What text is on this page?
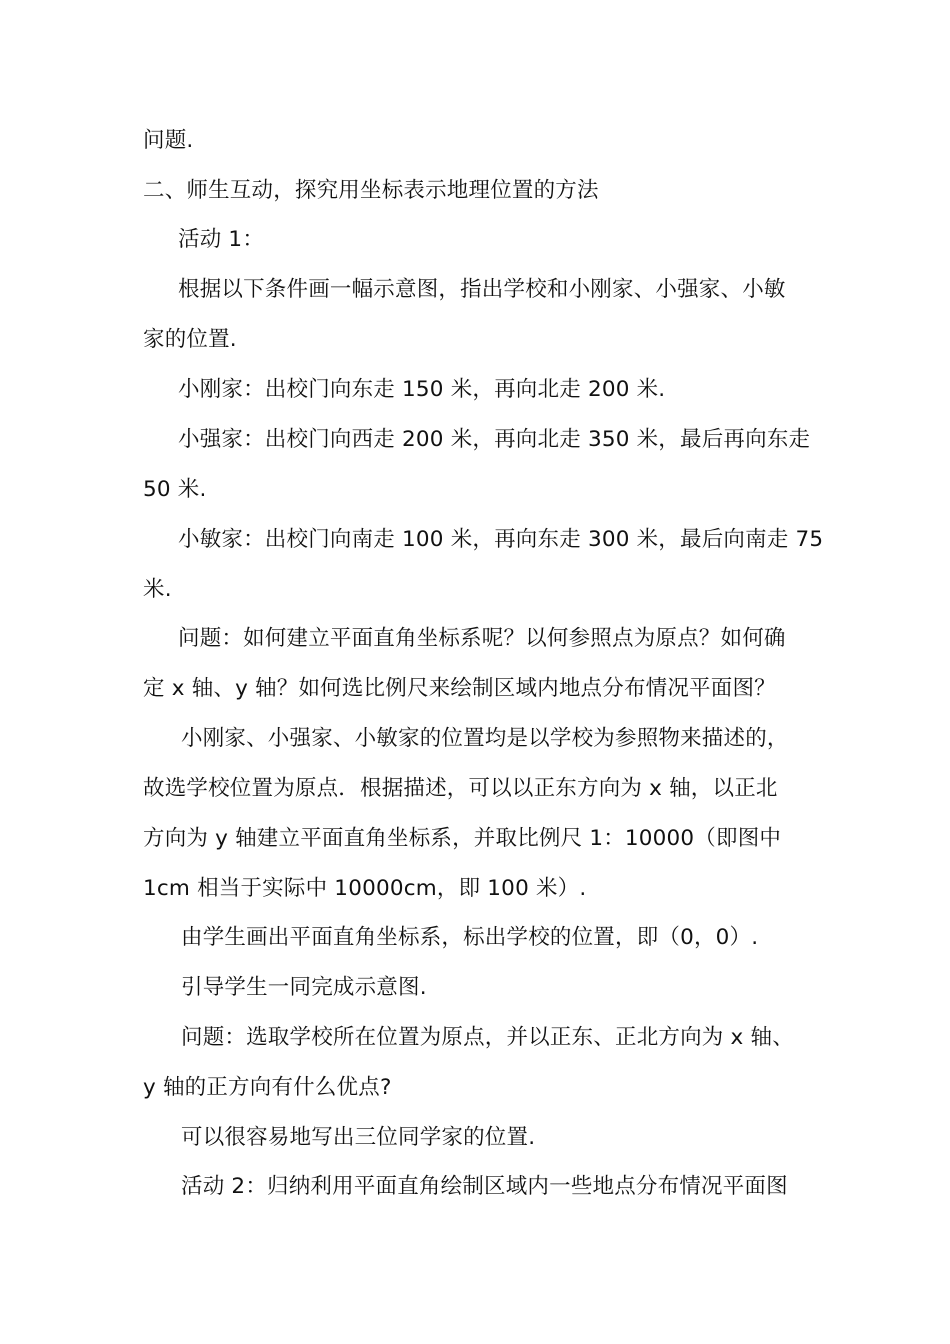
问题.
二、师生互动，探究用坐标表示地理位置的方法
活动 1：
根据以下条件画一幅示意图，指出学校和小刚家、小强家、小敏
家的位置.
小刚家：出校门向东走 150 米，再向北走 200 米.
小强家：出校门向西走 200 米，再向北走 350 米，最后再向东走
50 米.
小敏家：出校门向南走 100 米，再向东走 300 米，最后向南走 75
米.
问题：如何建立平面直角坐标系呢？以何参照点为原点？如何确
定 x 轴、y 轴？如何选比例尺来绘制区域内地点分布情况平面图？
小刚家、小强家、小敏家的位置均是以学校为参照物来描述的，
故选学校位置为原点．根据描述，可以以正东方向为 x 轴，以正北
方向为 y 轴建立平面直角坐标系，并取比例尺 1：10000（即图中
1cm 相当于实际中 10000cm，即 100 米）.
由学生画出平面直角坐标系，标出学校的位置，即（0，0）.
引导学生一同完成示意图.
问题：选取学校所在位置为原点，并以正东、正北方向为 x 轴、
y 轴的正方向有什么优点?
可以很容易地写出三位同学家的位置.
活动 2：归纳利用平面直角绘制区域内一些地点分布情况平面图
